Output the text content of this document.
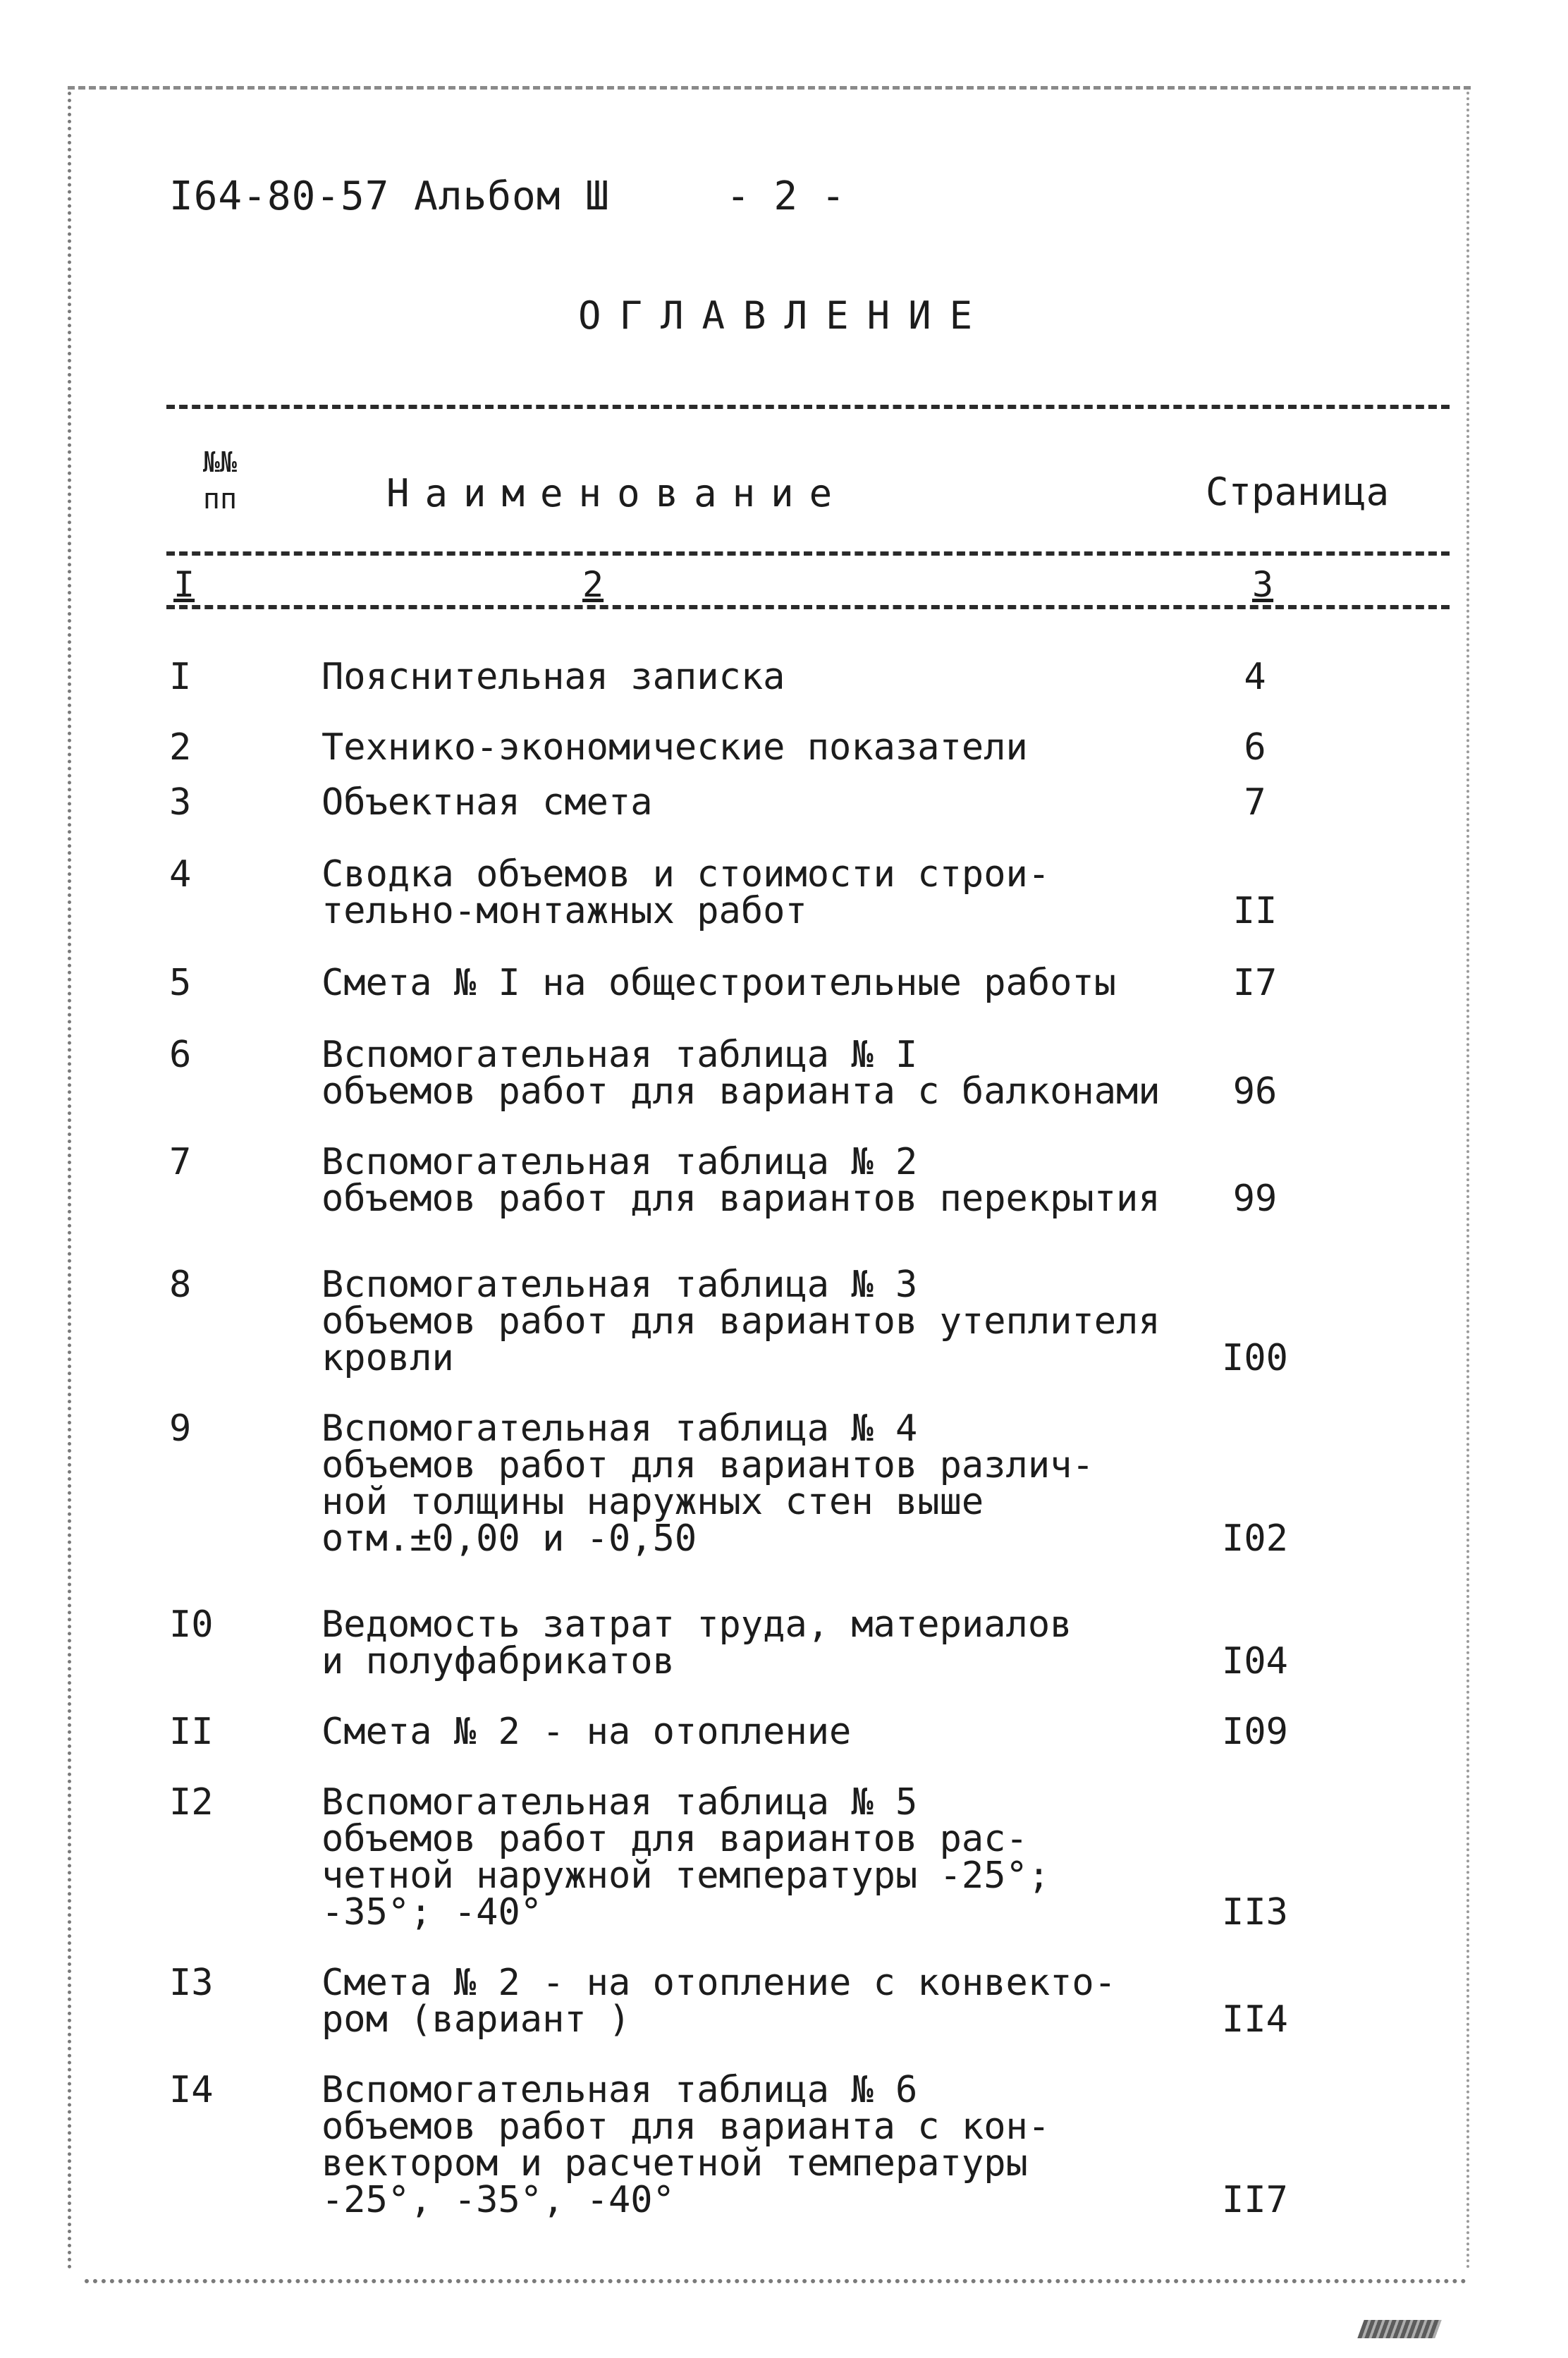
I64-80-57 Альбом Ш	- 2 -
ОГЛАВЛЕНИЕ
№№
пп	Наименование	Страница
I	2	3
I	Пояснительная записка	4
2	Технико-экономические показатели	6
3	Объектная смета	7
4	Сводка объемов и стоимости строи-
тельно-монтажных работ	II
5	Смета № I на общестроительные работы	I7
6	Вспомогательная таблица № I
объемов работ для варианта с балконами	96
7	Вспомогательная таблица № 2
объемов работ для вариантов перекрытия	99
8	Вспомогательная таблица № 3
объемов работ для вариантов утеплителя
кровли	I00
9	Вспомогательная таблица № 4
объемов работ для вариантов различ-
ной толщины наружных стен выше
отм.±0,00 и -0,50	I02
I0	Ведомость затрат труда, материалов
и полуфабрикатов	I04
II	Смета № 2 - на отопление	I09
I2	Вспомогательная таблица № 5
объемов работ для вариантов рас-
четной наружной температуры -25°;
-35°; -40°	II3
I3	Смета № 2 - на отопление с конвекто-
ром (вариант )	II4
I4	Вспомогательная таблица № 6
объемов работ для варианта с кон-
вектором и расчетной температуры
-25°, -35°, -40°	II7
